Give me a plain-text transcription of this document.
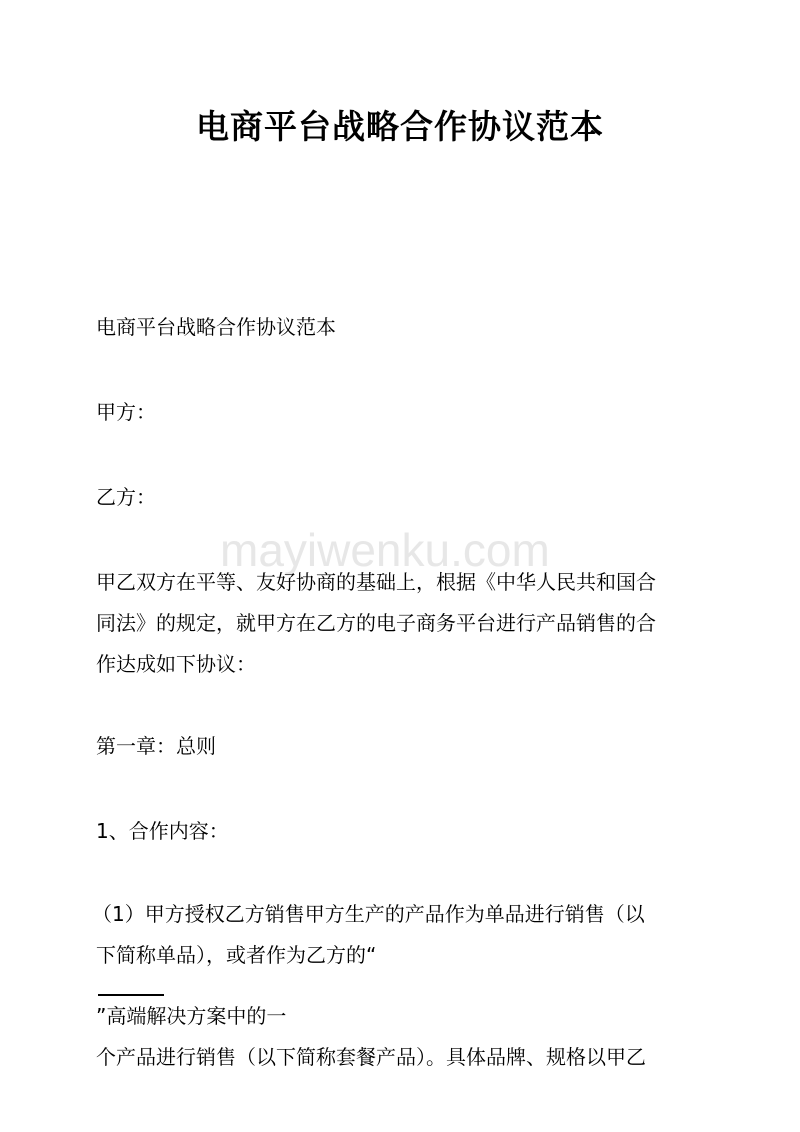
mayiwenku.com
电商平台战略合作协议范本

电商平台战略合作协议范本

甲方：

乙方：

甲乙双方在平等、友好协商的基础上，根据《中华人民共和国合
同法》的规定，就甲方在乙方的电子商务平台进行产品销售的合
作达成如下协议：

第一章：总则

1、合作内容：

（1）甲方授权乙方销售甲方生产的产品作为单品进行销售（以
下简称单品），或者作为乙方的“
”高端解决方案中的一
个产品进行销售（以下简称套餐产品）。具体品牌、规格以甲乙
